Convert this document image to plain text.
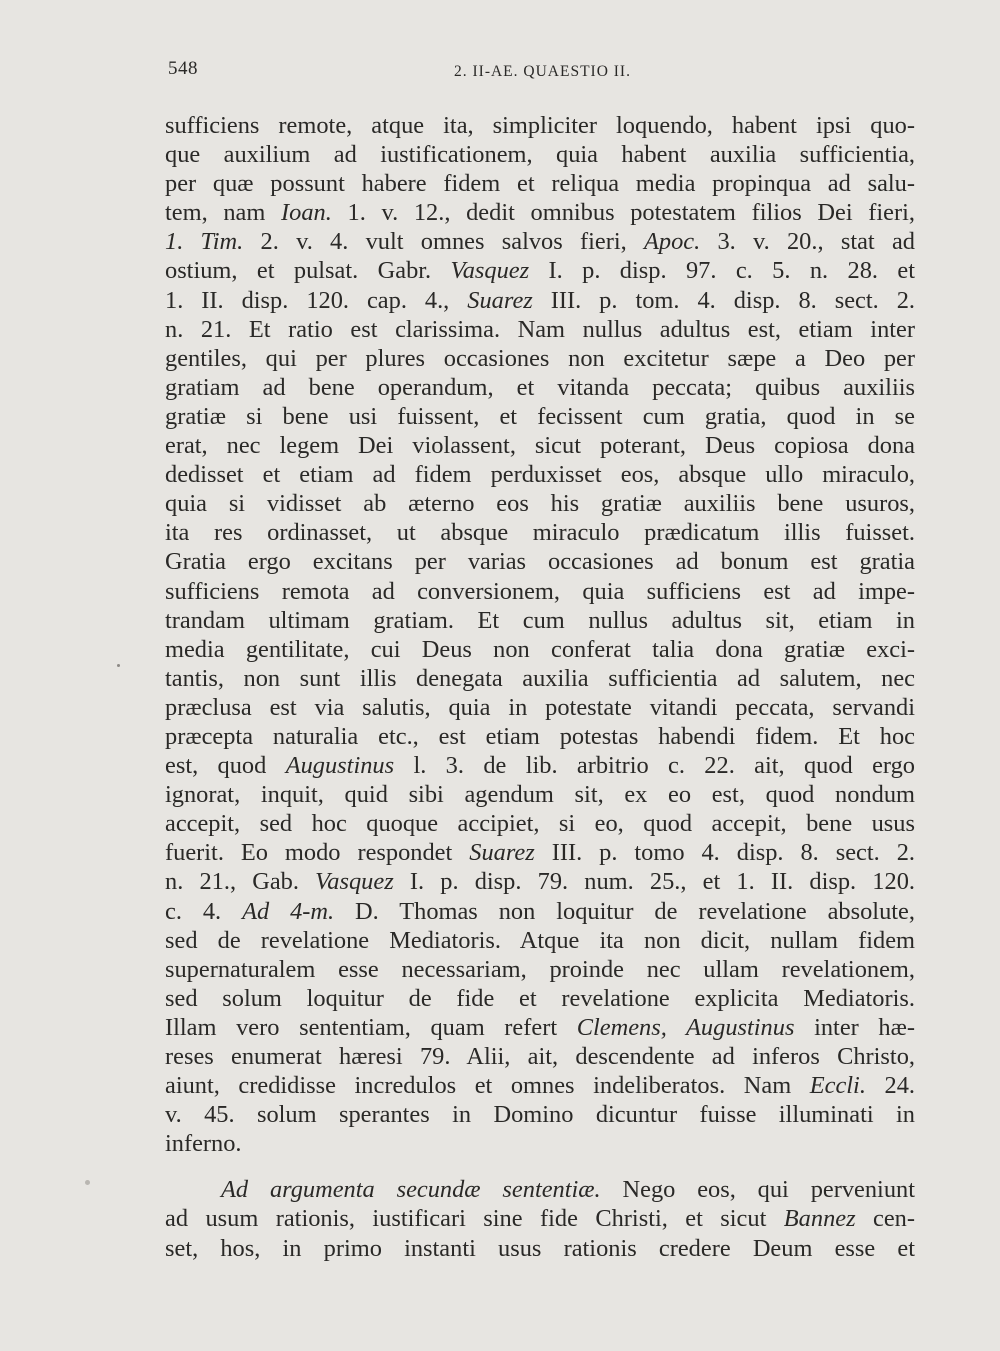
548	2. II-AE. QUAESTIO II.
sufficiens remote, atque ita, simpliciter loquendo, habent ipsi quo-
que auxilium ad iustificationem, quia habent auxilia sufficientia,
per quæ possunt habere fidem et reliqua media propinqua ad salu-
tem, nam Ioan. 1. v. 12., dedit omnibus potestatem filios Dei fieri,
1. Tim. 2. v. 4. vult omnes salvos fieri, Apoc. 3. v. 20., stat ad
ostium, et pulsat. Gabr. Vasquez I. p. disp. 97. c. 5. n. 28. et
1. II. disp. 120. cap. 4., Suarez III. p. tom. 4. disp. 8. sect. 2.
n. 21. Et ratio est clarissima. Nam nullus adultus est, etiam inter
gentiles, qui per plures occasiones non excitetur sæpe a Deo per
gratiam ad bene operandum, et vitanda peccata; quibus auxiliis
gratiæ si bene usi fuissent, et fecissent cum gratia, quod in se
erat, nec legem Dei violassent, sicut poterant, Deus copiosa dona
dedisset et etiam ad fidem perduxisset eos, absque ullo miraculo,
quia si vidisset ab æterno eos his gratiæ auxiliis bene usuros,
ita res ordinasset, ut absque miraculo prædicatum illis fuisset.
Gratia ergo excitans per varias occasiones ad bonum est gratia
sufficiens remota ad conversionem, quia sufficiens est ad impe-
trandam ultimam gratiam. Et cum nullus adultus sit, etiam in
media gentilitate, cui Deus non conferat talia dona gratiæ exci-
tantis, non sunt illis denegata auxilia sufficientia ad salutem, nec
præclusa est via salutis, quia in potestate vitandi peccata, servandi
præcepta naturalia etc., est etiam potestas habendi fidem. Et hoc
est, quod Augustinus l. 3. de lib. arbitrio c. 22. ait, quod ergo
ignorat, inquit, quid sibi agendum sit, ex eo est, quod nondum
accepit, sed hoc quoque accipiet, si eo, quod accepit, bene usus
fuerit. Eo modo respondet Suarez III. p. tomo 4. disp. 8. sect. 2.
n. 21., Gab. Vasquez I. p. disp. 79. num. 25., et 1. II. disp. 120.
c. 4. Ad 4-m. D. Thomas non loquitur de revelatione absolute,
sed de revelatione Mediatoris. Atque ita non dicit, nullam fidem
supernaturalem esse necessariam, proinde nec ullam revelationem,
sed solum loquitur de fide et revelatione explicita Mediatoris.
Illam vero sententiam, quam refert Clemens, Augustinus inter hæ-
reses enumerat hæresi 79. Alii, ait, descendente ad inferos Christo,
aiunt, credidisse incredulos et omnes indeliberatos. Nam Eccli. 24.
v. 45. solum sperantes in Domino dicuntur fuisse illuminati in
inferno.
Ad argumenta secundæ sententiæ. Nego eos, qui perveniunt
ad usum rationis, iustificari sine fide Christi, et sicut Bannez cen-
set, hos, in primo instanti usus rationis credere Deum esse et
